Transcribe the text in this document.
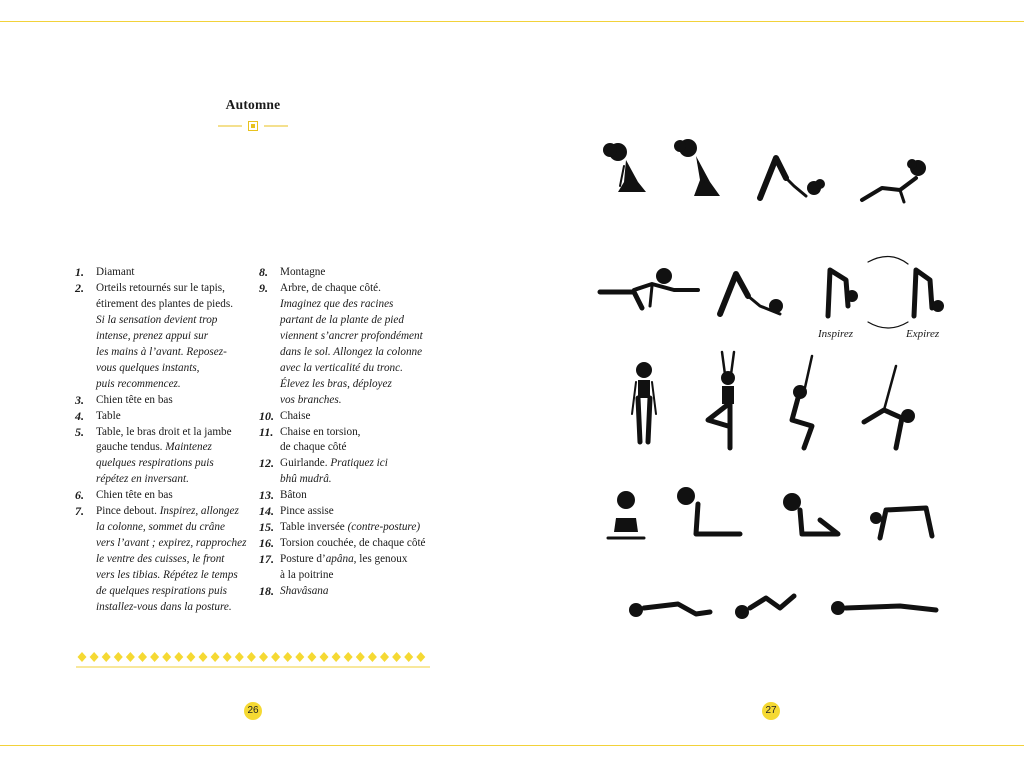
Automne
1.	Diamant
2.	Orteils retournés sur le tapis,
étirement des plantes de pieds.
Si la sensation devient trop
intense, prenez appui sur
les mains à l’avant. Reposez-
vous quelques instants,
puis recommencez.
3.	Chien tête en bas
4.	Table
5.	Table, le bras droit et la jambe
gauche tendus. Maintenez
quelques respirations puis
répétez en inversant.
6.	Chien tête en bas
7.	Pince debout. Inspirez, allongez
la colonne, sommet du crâne
vers l’avant ; expirez, rapprochez
le ventre des cuisses, le front
vers les tibias. Répétez le temps
de quelques respirations puis
installez-vous dans la posture.
8.	Montagne
9.	Arbre, de chaque côté.
Imaginez que des racines
partant de la plante de pied
viennent s’ancrer profondément
dans le sol. Allongez la colonne
avec la verticalité du tronc.
Élevez les bras, déployez
vos branches.
10. Chaise
11. Chaise en torsion,
de chaque côté
12. Guirlande. Pratiquez ici
bhû mudrâ.
13. Bâton
14. Pince assise
15. Table inversée (contre-posture)
16. Torsion couchée, de chaque côté
17. Posture d’apâna, les genoux
à la poitrine
18. Shavâsana
26	27
Inspirez	Expirez
